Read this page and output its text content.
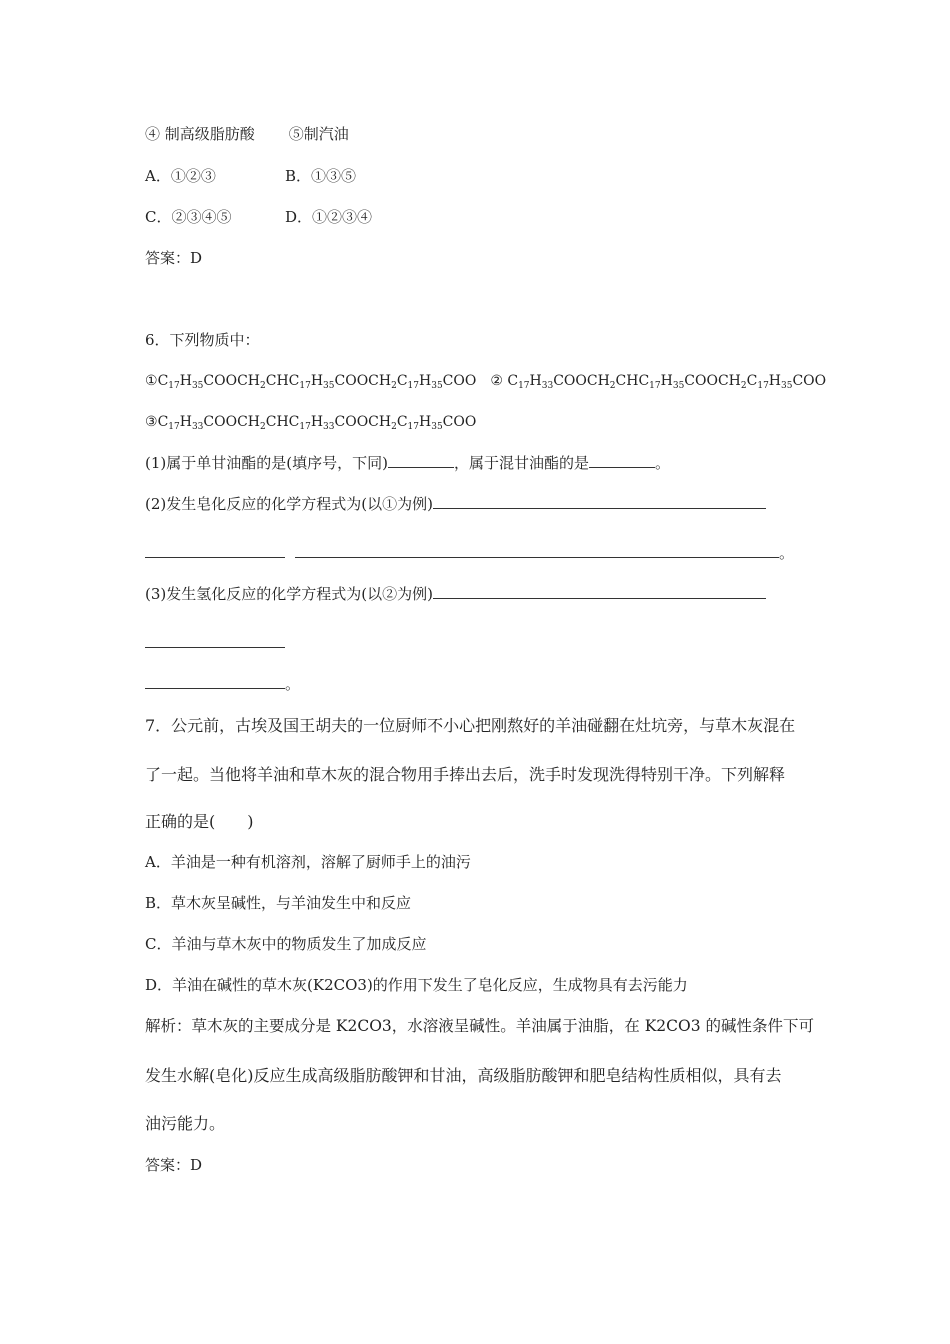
④ 制高级脂肪酸 ⑤制汽油
A．①②③	B．①③⑤
C．②③④⑤	D．①②③④
答案：D
6．下列物质中：
$①C_{17}H_{35}COOCH_2CHC_{17}H_{35}COOCH_2C_{17}H_{35}COO$ ② $C_{17}H_{33}COOCH_2CHC_{17}H_{35}COOCH_2C_{17}H_{35}COO$
$③C_{17}H_{33}COOCH_2CHC_{17}H_{33}COOCH_2C_{17}H_{35}COO$
(1)属于单甘油酯的是(填序号，下同)	，属于混甘油酯的是	。
(2)发生皂化反应的化学方程式为(以①为例)
。
(3)发生氢化反应的化学方程式为(以②为例)
。
7．公元前，古埃及国王胡夫的一位厨师不小心把刚熬好的羊油碰翻在灶坑旁，与草木灰混在
了一起。当他将羊油和草木灰的混合物用手捧出去后，洗手时发现洗得特别干净。下列解释
正确的是(　　)
A．羊油是一种有机溶剂，溶解了厨师手上的油污
B．草木灰呈碱性，与羊油发生中和反应
C．羊油与草木灰中的物质发生了加成反应
D．羊油在碱性的草木灰(K2CO3)的作用下发生了皂化反应，生成物具有去污能力
解析：草木灰的主要成分是 K2CO3，水溶液呈碱性。羊油属于油脂，在 K2CO3 的碱性条件下可
发生水解(皂化)反应生成高级脂肪酸钾和甘油，高级脂肪酸钾和肥皂结构性质相似，具有去
油污能力。
答案：D
